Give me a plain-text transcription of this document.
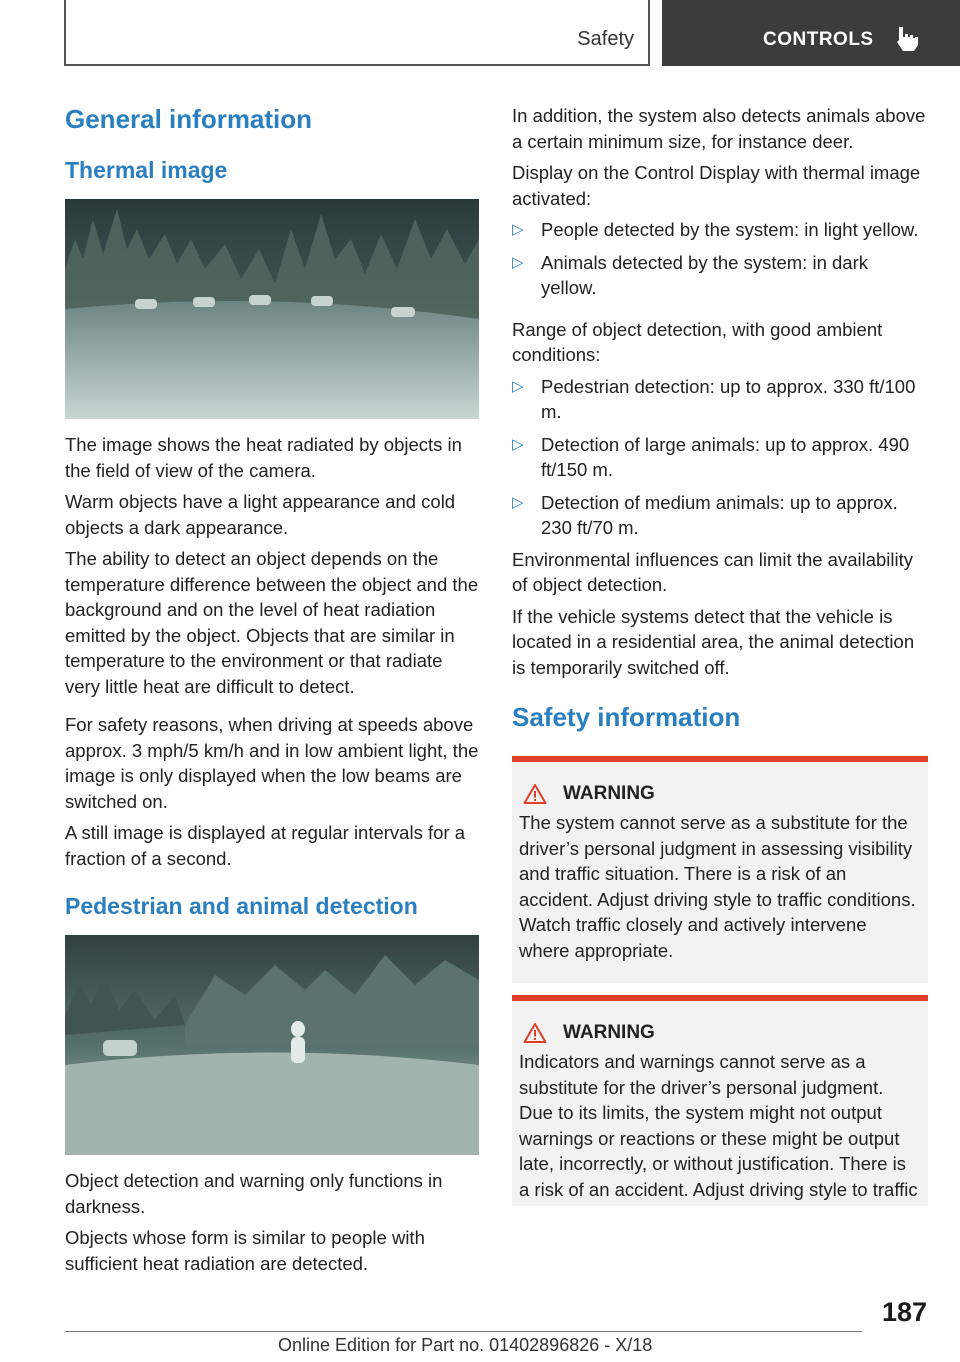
Safety	CONTROLS
General information
Thermal image

The image shows the heat radiated by objects in the field of view of the camera.

Warm objects have a light appearance and cold objects a dark appearance.

The ability to detect an object depends on the temperature difference between the object and the background and on the level of heat radiation emitted by the object. Objects that are similar in temperature to the environment or that radiate very little heat are difficult to detect.

For safety reasons, when driving at speeds above approx. 3 mph/5 km/h and in low ambient light, the image is only displayed when the low beams are switched on.

A still image is displayed at regular intervals for a fraction of a second.

Pedestrian and animal detection

Object detection and warning only functions in darkness.

Objects whose form is similar to people with sufficient heat radiation are detected.

In addition, the system also detects animals above a certain minimum size, for instance deer.

Display on the Control Display with thermal image activated:

▷ People detected by the system: in light yellow.
▷ Animals detected by the system: in dark yellow.

Range of object detection, with good ambient conditions:

▷ Pedestrian detection: up to approx. 330 ft/100 m.
▷ Detection of large animals: up to approx. 490 ft/150 m.
▷ Detection of medium animals: up to approx. 230 ft/70 m.

Environmental influences can limit the availability of object detection.

If the vehicle systems detect that the vehicle is located in a residential area, the animal detection is temporarily switched off.

Safety information
WARNING

The system cannot serve as a substitute for the driver’s personal judgment in assessing visibility and traffic situation. There is a risk of an accident. Adjust driving style to traffic conditions. Watch traffic closely and actively intervene where appropriate.

WARNING

Indicators and warnings cannot serve as a substitute for the driver’s personal judgment. Due to its limits, the system might not output warnings or reactions or these might be output late, incorrectly, or without justification. There is a risk of an accident. Adjust driving style to traffic

187
Online Edition for Part no. 01402896826 - X/18
